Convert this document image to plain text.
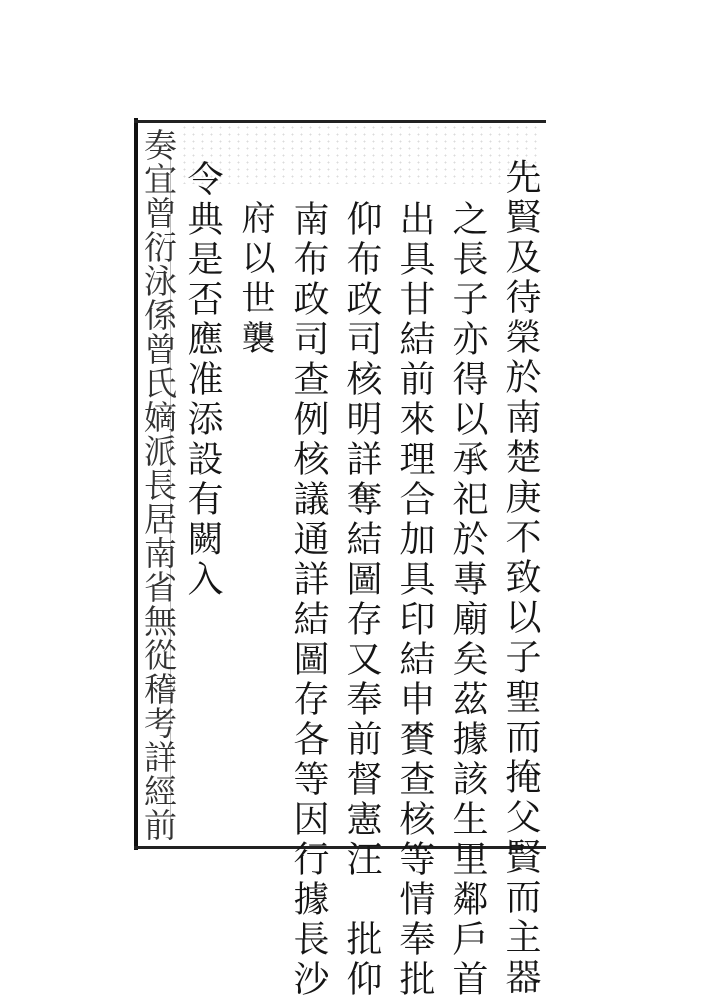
先賢及待榮於南楚庚不致以子聖而掩父賢而主器
之長子亦得以承祀於專廟矣茲據該生里鄰戶首
出具甘結前來理合加具印結申賚查核等情奉批
仰布政司核明詳奪結圖存又奉前督憲汪　批仰
南布政司查例核議通詳結圖存各等因行據長沙
府以世襲
令典是否應准添設有闕入
奏宜曾衍泳係曾氏嫡派長居南省無從稽考詳經前
